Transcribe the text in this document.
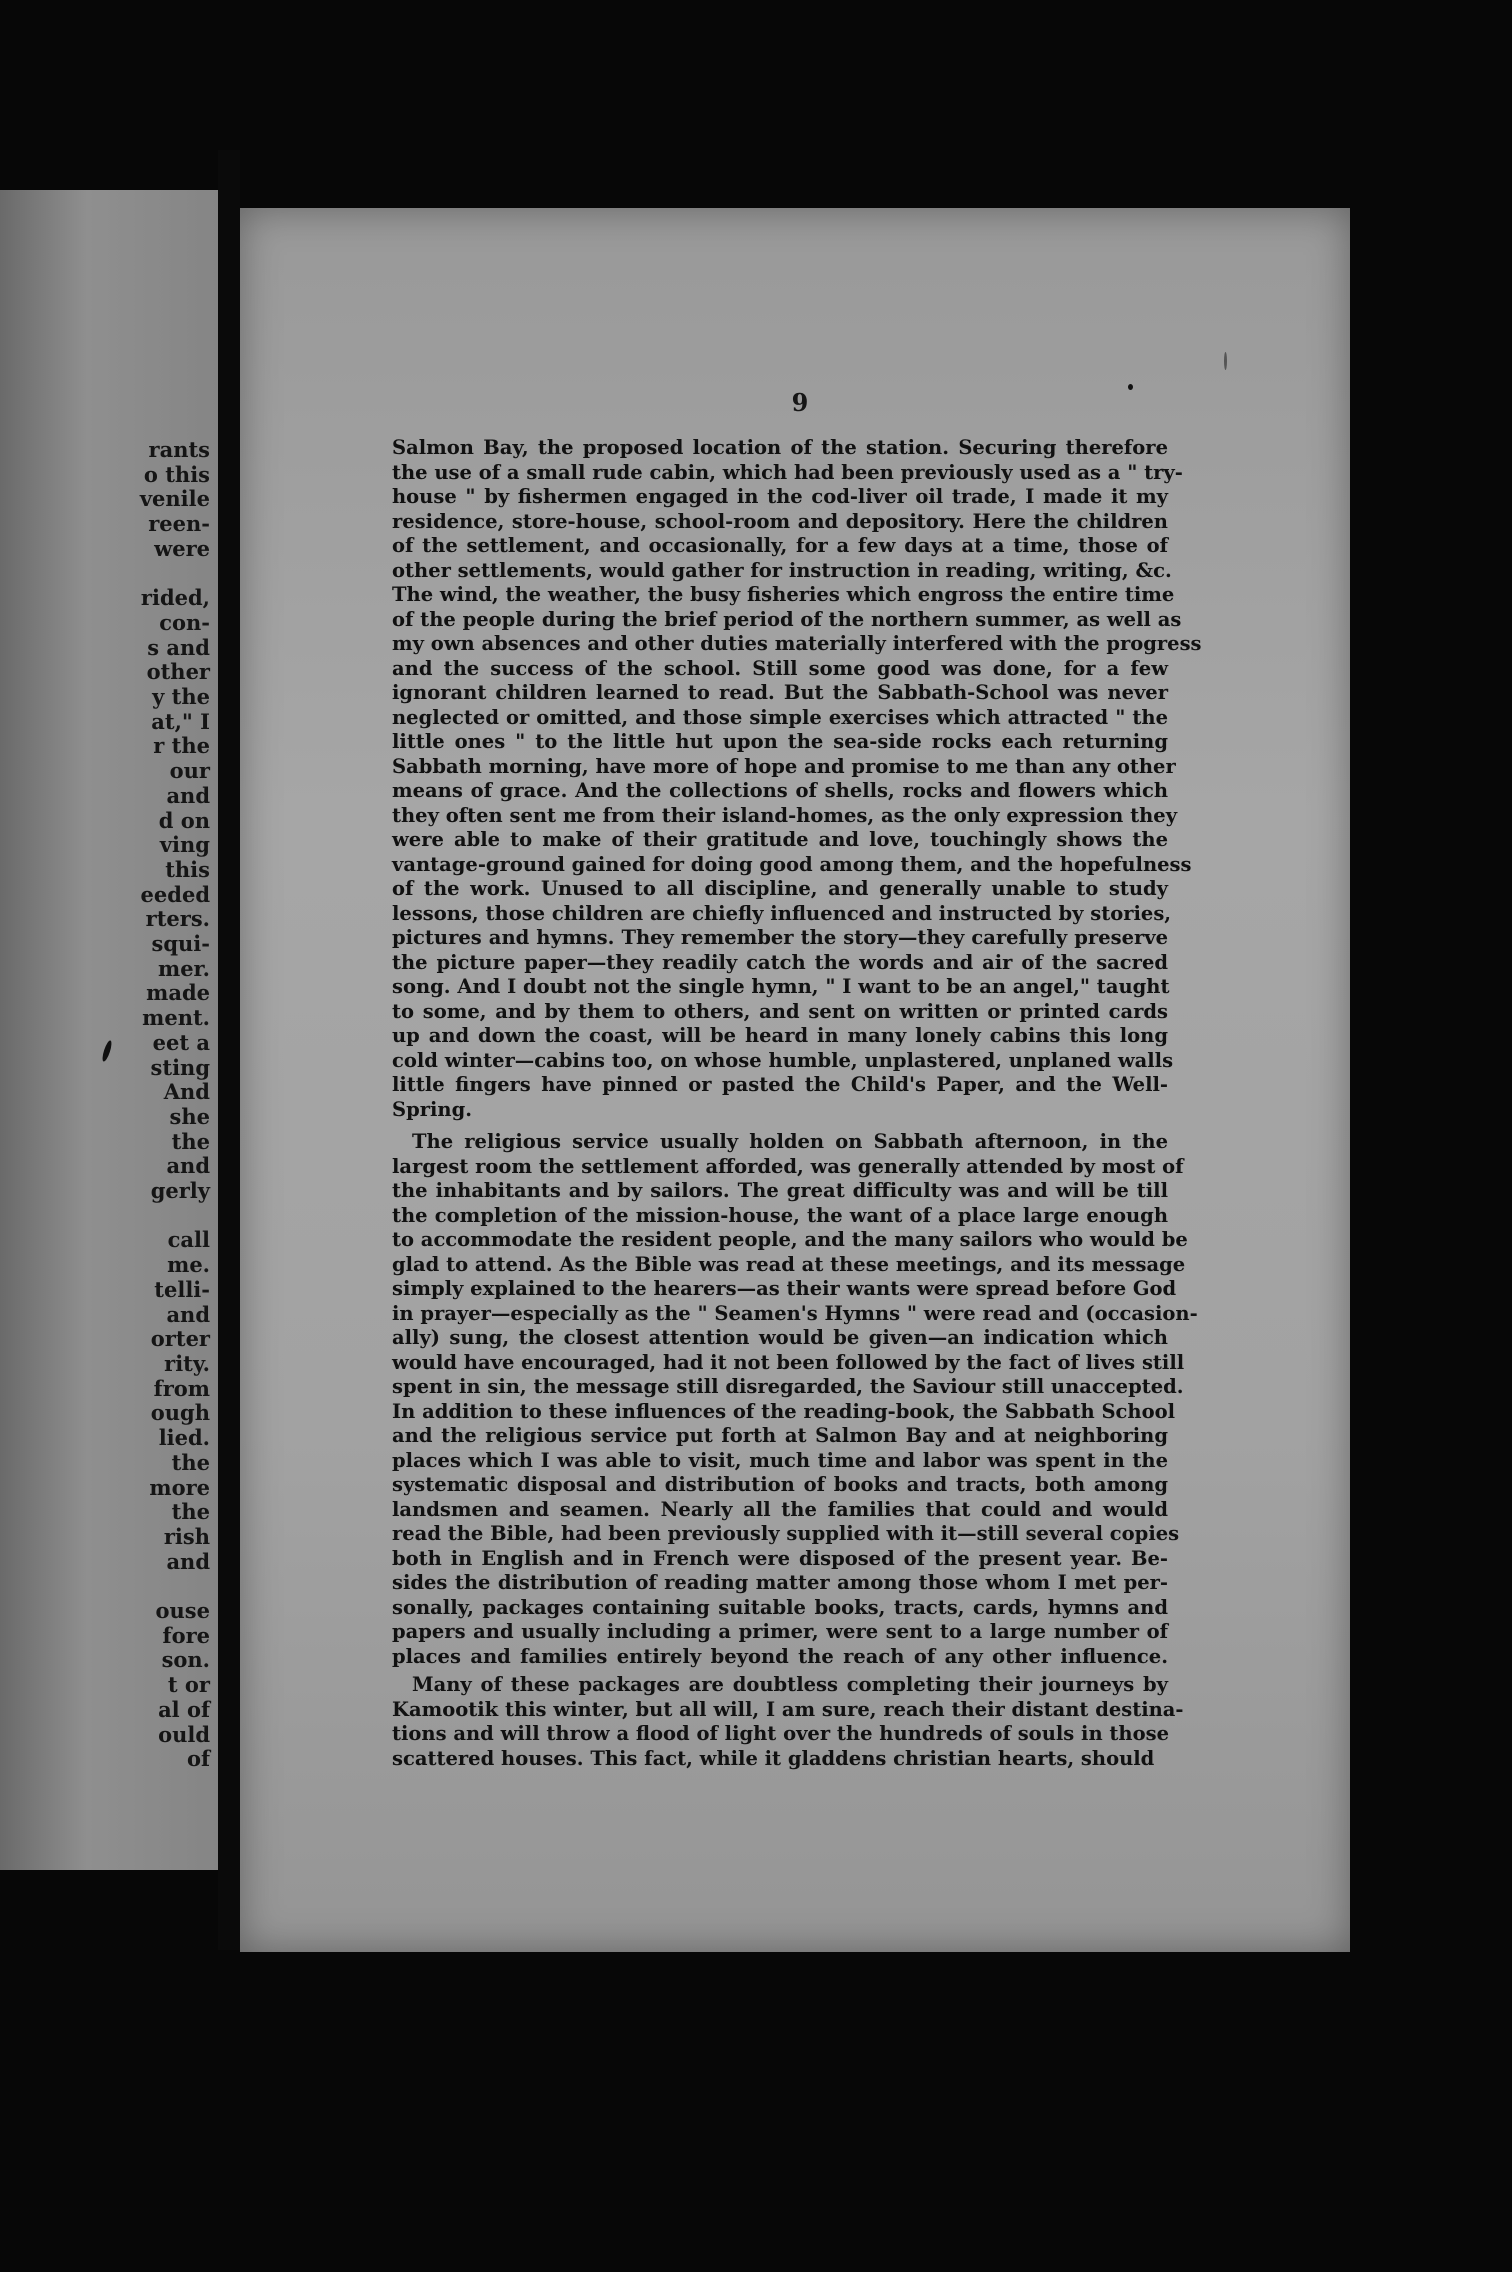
rants
o this
venile
reen-
were
rided,
con-
s and
other
y the
at," I
r the
our
and
d on
ving
this
eeded
rters.
squi-
mer.
made
ment.
eet a
sting
And
she
the
and
gerly
call
me.
telli-
and
orter
rity.
from
ough
lied.
the
more
the
rish
and
ouse
fore
son.
t or
al of
ould
of
9
Salmon Bay, the proposed location of the station. Securing therefore
the use of a small rude cabin, which had been previously used as a " try-
house " by fishermen engaged in the cod-liver oil trade, I made it my
residence, store-house, school-room and depository. Here the children
of the settlement, and occasionally, for a few days at a time, those of
other settlements, would gather for instruction in reading, writing, &c.
The wind, the weather, the busy fisheries which engross the entire time
of the people during the brief period of the northern summer, as well as
my own absences and other duties materially interfered with the progress
and the success of the school. Still some good was done, for a few
ignorant children learned to read. But the Sabbath-School was never
neglected or omitted, and those simple exercises which attracted " the
little ones " to the little hut upon the sea-side rocks each returning
Sabbath morning, have more of hope and promise to me than any other
means of grace. And the collections of shells, rocks and flowers which
they often sent me from their island-homes, as the only expression they
were able to make of their gratitude and love, touchingly shows the
vantage-ground gained for doing good among them, and the hopefulness
of the work. Unused to all discipline, and generally unable to study
lessons, those children are chiefly influenced and instructed by stories,
pictures and hymns. They remember the story—they carefully preserve
the picture paper—they readily catch the words and air of the sacred
song. And I doubt not the single hymn, " I want to be an angel," taught
to some, and by them to others, and sent on written or printed cards
up and down the coast, will be heard in many lonely cabins this long
cold winter—cabins too, on whose humble, unplastered, unplaned walls
little fingers have pinned or pasted the Child's Paper, and the Well-
Spring.
The religious service usually holden on Sabbath afternoon, in the
largest room the settlement afforded, was generally attended by most of
the inhabitants and by sailors. The great difficulty was and will be till
the completion of the mission-house, the want of a place large enough
to accommodate the resident people, and the many sailors who would be
glad to attend. As the Bible was read at these meetings, and its message
simply explained to the hearers—as their wants were spread before God
in prayer—especially as the " Seamen's Hymns " were read and (occasion-
ally) sung, the closest attention would be given—an indication which
would have encouraged, had it not been followed by the fact of lives still
spent in sin, the message still disregarded, the Saviour still unaccepted.
In addition to these influences of the reading-book, the Sabbath School
and the religious service put forth at Salmon Bay and at neighboring
places which I was able to visit, much time and labor was spent in the
systematic disposal and distribution of books and tracts, both among
landsmen and seamen. Nearly all the families that could and would
read the Bible, had been previously supplied with it—still several copies
both in English and in French were disposed of the present year. Be-
sides the distribution of reading matter among those whom I met per-
sonally, packages containing suitable books, tracts, cards, hymns and
papers and usually including a primer, were sent to a large number of
places and families entirely beyond the reach of any other influence.
Many of these packages are doubtless completing their journeys by
Kamootik this winter, but all will, I am sure, reach their distant destina-
tions and will throw a flood of light over the hundreds of souls in those
scattered houses. This fact, while it gladdens christian hearts, should
